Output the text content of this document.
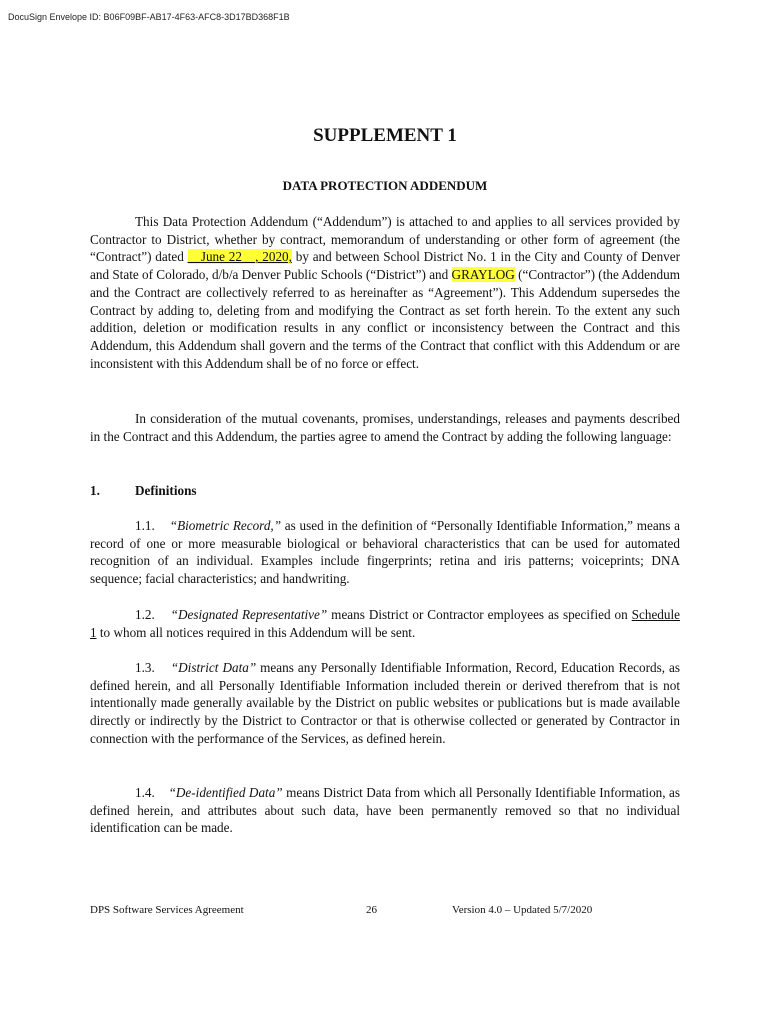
DocuSign Envelope ID: B06F09BF-AB17-4F63-AFC8-3D17BD368F1B
SUPPLEMENT 1
DATA PROTECTION ADDENDUM

This Data Protection Addendum (“Addendum”) is attached to and applies to all services provided by Contractor to District, whether by contract, memorandum of understanding or other form of agreement (the “Contract”) dated __June 22__, 2020, by and between School District No. 1 in the City and County of Denver and State of Colorado, d/b/a Denver Public Schools (“District”) and GRAYLOG (“Contractor”) (the Addendum and the Contract are collectively referred to as hereinafter as “Agreement”). This Addendum supersedes the Contract by adding to, deleting from and modifying the Contract as set forth herein. To the extent any such addition, deletion or modification results in any conflict or inconsistency between the Contract and this Addendum, this Addendum shall govern and the terms of the Contract that conflict with this Addendum or are inconsistent with this Addendum shall be of no force or effect.

In consideration of the mutual covenants, promises, understandings, releases and payments described in the Contract and this Addendum, the parties agree to amend the Contract by adding the following language:

1.	Definitions

1.1. “Biometric Record,” as used in the definition of “Personally Identifiable Information,” means a record of one or more measurable biological or behavioral characteristics that can be used for automated recognition of an individual. Examples include fingerprints; retina and iris patterns; voiceprints; DNA sequence; facial characteristics; and handwriting.

1.2. “Designated Representative” means District or Contractor employees as specified on Schedule 1 to whom all notices required in this Addendum will be sent.

1.3. “District Data” means any Personally Identifiable Information, Record, Education Records, as defined herein, and all Personally Identifiable Information included therein or derived therefrom that is not intentionally made generally available by the District on public websites or publications but is made available directly or indirectly by the District to Contractor or that is otherwise collected or generated by Contractor in connection with the performance of the Services, as defined herein.

1.4. “De-identified Data” means District Data from which all Personally Identifiable Information, as defined herein, and attributes about such data, have been permanently removed so that no individual identification can be made.

DPS Software Services Agreement	26	Version 4.0 – Updated 5/7/2020
